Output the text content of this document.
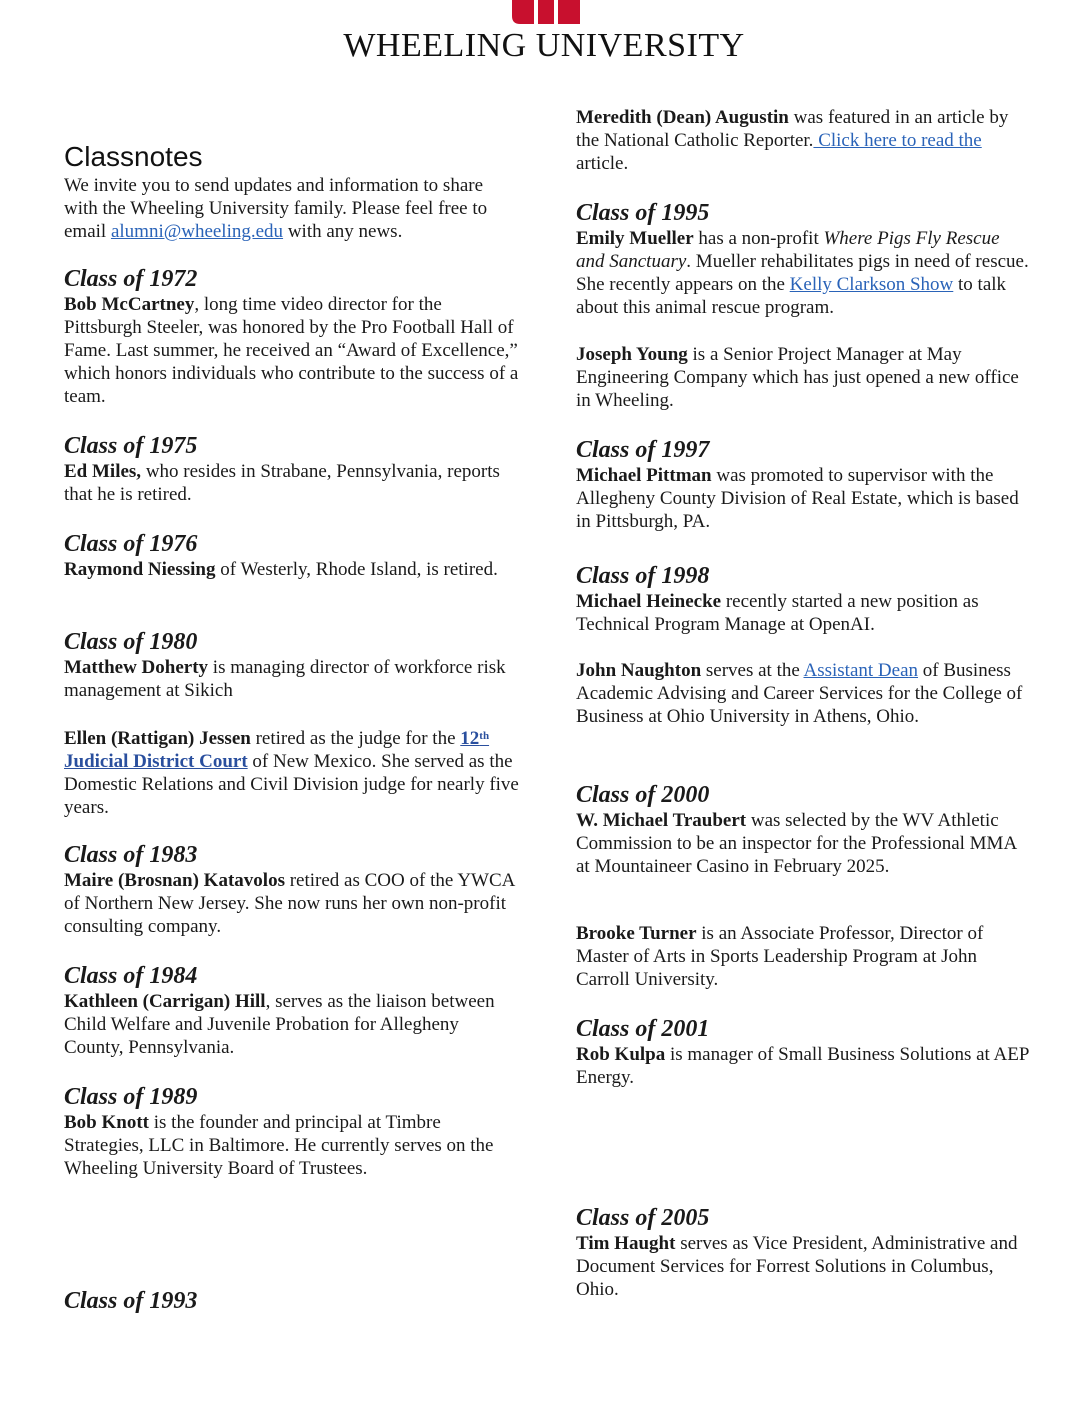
WHEELING UNIVERSITY
Classnotes

We invite you to send updates and information to share with the Wheeling University family. Please feel free to email alumni@wheeling.edu with any news.

Class of 1972

Bob McCartney, long time video director for the Pittsburgh Steeler, was honored by the Pro Football Hall of Fame. Last summer, he received an “Award of Excellence,” which honors individuals who contribute to the success of a team.

Class of 1975

Ed Miles, who resides in Strabane, Pennsylvania, reports that he is retired.

Class of 1976

Raymond Niessing of Westerly, Rhode Island, is retired.

Class of 1980

Matthew Doherty is managing director of workforce risk management at Sikich

Ellen (Rattigan) Jessen retired as the judge for the 12th Judicial District Court of New Mexico. She served as the Domestic Relations and Civil Division judge for nearly five years.

Class of 1983

Maire (Brosnan) Katavolos retired as COO of the YWCA of Northern New Jersey. She now runs her own non-profit consulting company.

Class of 1984

Kathleen (Carrigan) Hill, serves as the liaison between Child Welfare and Juvenile Probation for Allegheny County, Pennsylvania.

Class of 1989

Bob Knott is the founder and principal at Timbre Strategies, LLC in Baltimore. He currently serves on the Wheeling University Board of Trustees.

Class of 1993

Meredith (Dean) Augustin was featured in an article by the National Catholic Reporter. Click here to read the article.

Class of 1995

Emily Mueller has a non-profit Where Pigs Fly Rescue and Sanctuary. Mueller rehabilitates pigs in need of rescue. She recently appears on the Kelly Clarkson Show to talk about this animal rescue program.

Joseph Young is a Senior Project Manager at May Engineering Company which has just opened a new office in Wheeling.

Class of 1997

Michael Pittman was promoted to supervisor with the Allegheny County Division of Real Estate, which is based in Pittsburgh, PA.

Class of 1998

Michael Heinecke recently started a new position as Technical Program Manage at OpenAI.

John Naughton serves at the Assistant Dean of Business Academic Advising and Career Services for the College of Business at Ohio University in Athens, Ohio.

Class of 2000

W. Michael Traubert was selected by the WV Athletic Commission to be an inspector for the Professional MMA at Mountaineer Casino in February 2025.

Brooke Turner is an Associate Professor, Director of Master of Arts in Sports Leadership Program at John Carroll University.

Class of 2001

Rob Kulpa is manager of Small Business Solutions at AEP Energy.

Class of 2005

Tim Haught serves as Vice President, Administrative and Document Services for Forrest Solutions in Columbus, Ohio.
